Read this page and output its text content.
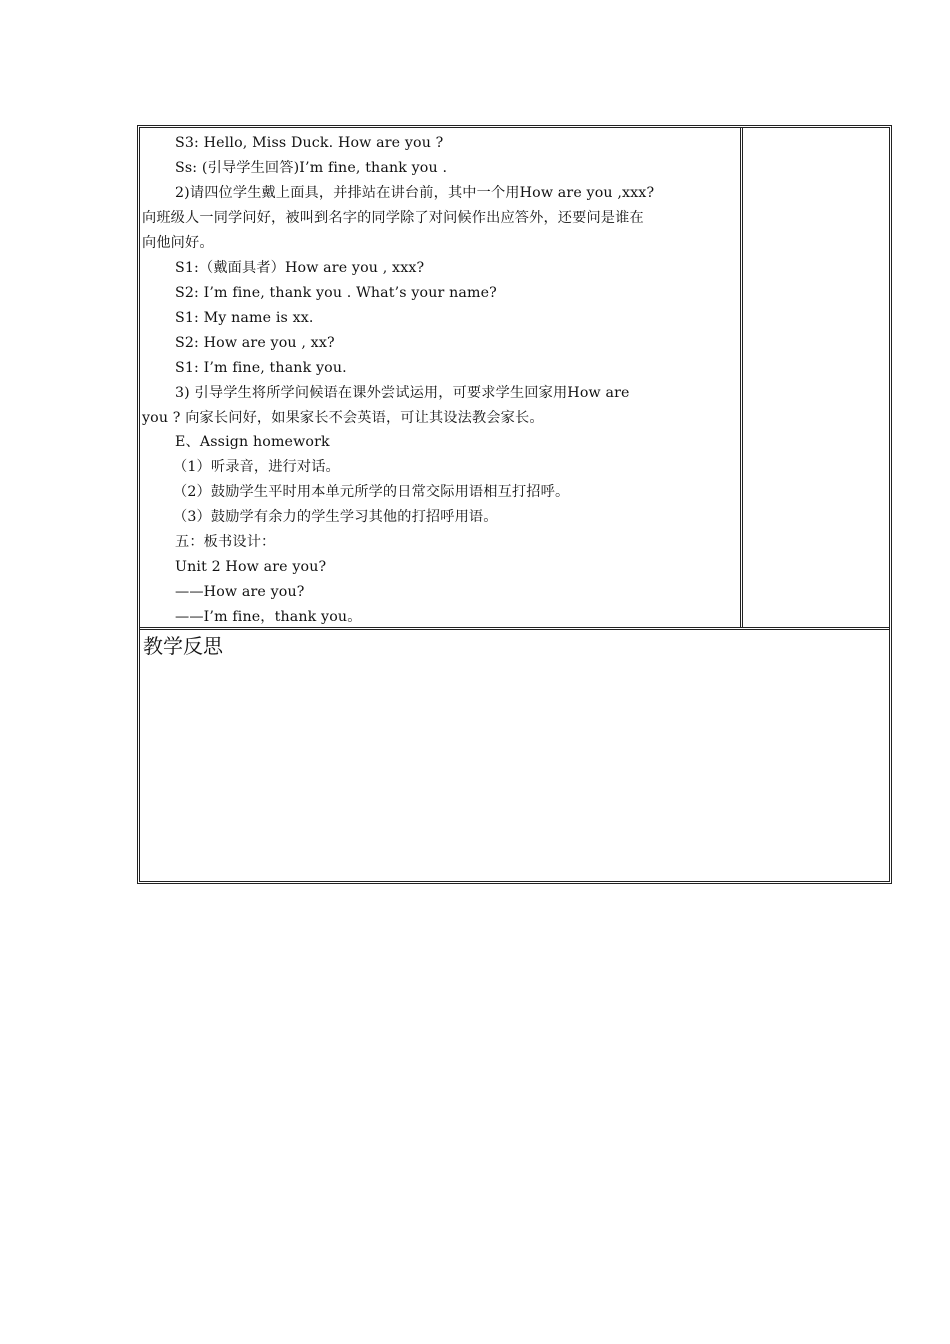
S3: Hello, Miss Duck. How are you ?
Ss: (引导学生回答)I’m fine, thank you .
2)请四位学生戴上面具，并排站在讲台前，其中一个用How are you ,xxx?
向班级人一同学问好，被叫到名字的同学除了对问候作出应答外，还要问是谁在
向他问好。
S1:（戴面具者）How are you , xxx?
S2: I’m fine, thank you . What’s your name?
S1: My name is xx.
S2: How are you , xx?
S1: I’m fine, thank you.
3) 引导学生将所学问候语在课外尝试运用，可要求学生回家用How are
you ? 向家长问好，如果家长不会英语，可让其设法教会家长。
E、Assign homework
（1）听录音，进行对话。
（2）鼓励学生平时用本单元所学的日常交际用语相互打招呼。
（3）鼓励学有余力的学生学习其他的打招呼用语。
五：板书设计：
Unit 2 How are you?
——How are you?
——I’m fine，thank you。
教学反思
